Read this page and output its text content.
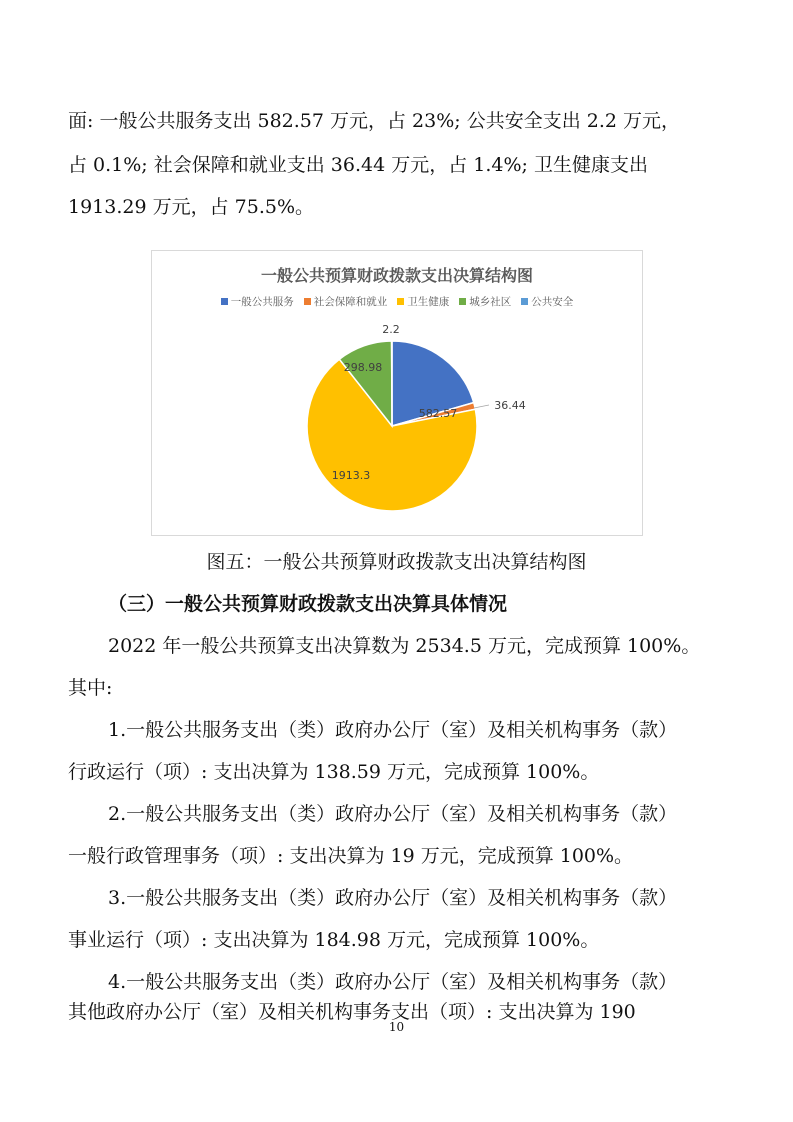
面: 一般公共服务支出 582.57 万元，占 23%; 公共安全支出 2.2 万元，

占 0.1%; 社会保障和就业支出 36.44 万元，占 1.4%; 卫生健康支出

1913.29 万元，占 75.5%。

一般公共预算财政拨款支出决算结构图
一般公共服务 社会保障和就业 卫生健康 城乡社区 公共安全
582.57
36.44
1913.3
298.98
2.2

图五：一般公共预算财政拨款支出决算结构图

（三）一般公共预算财政拨款支出决算具体情况

2022 年一般公共预算支出决算数为 2534.5 万元，完成预算 100%。

其中:

1.一般公共服务支出（类）政府办公厅（室）及相关机构事务（款）

行政运行（项）: 支出决算为 138.59 万元，完成预算 100%。

2.一般公共服务支出（类）政府办公厅（室）及相关机构事务（款）

一般行政管理事务（项）: 支出决算为 19 万元，完成预算 100%。

3.一般公共服务支出（类）政府办公厅（室）及相关机构事务（款）

事业运行（项）: 支出决算为 184.98 万元，完成预算 100%。

4.一般公共服务支出（类）政府办公厅（室）及相关机构事务（款）

其他政府办公厅（室）及相关机构事务支出（项）: 支出决算为 190

10
